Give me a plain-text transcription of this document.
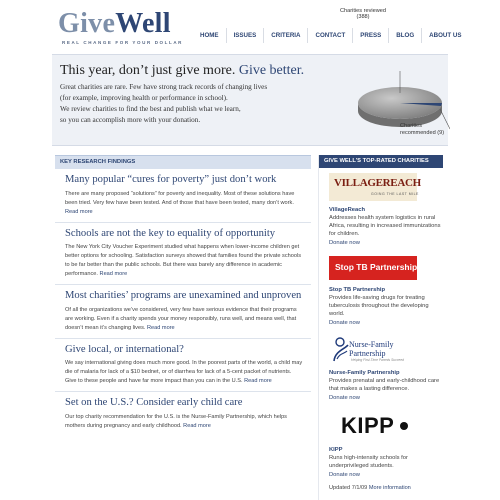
GiveWell
REAL CHANGE FOR YOUR DOLLAR
HOME	ISSUES	CRITERIA	CONTACT	PRESS	BLOG	ABOUT US
This year, don’t just give more. Give better.
Great charities are rare. Few have strong track records of changing lives
(for example, improving health or performance in school).
We review charities to find the best and publish what we learn,
so you can accomplish more with your donation.
Charities reviewed
(388)
Charities
recommended (9)
KEY RESEARCH FINDINGS
Many popular “cures for poverty” just don’t work
There are many proposed “solutions” for poverty and inequality. Most of these solutions have been tried. Very few have been tested. And of those that have been tested, many don’t work. Read more
Schools are not the key to equality of opportunity
The New York City Voucher Experiment studied what happens when lower-income children get better options for schooling. Satisfaction surveys showed that families found the private schools to be far better than the public schools. But there was barely any difference in academic performance. Read more
Most charities’ programs are unexamined and unproven
Of all the organizations we’ve considered, very few have serious evidence that their programs are working. Even if a charity spends your money responsibly, runs well, and means well, that doesn’t mean it’s changing lives. Read more
Give local, or international?
We say international giving does much more good. In the poorest parts of the world, a child may die of malaria for lack of a $10 bednet, or of diarrhea for lack of a 5-cent packet of nutrients. Give to these people and have far more impact than you can in the U.S. Read more
Set on the U.S.? Consider early child care
Our top charity recommendation for the U.S. is the Nurse-Family Partnership, which helps mothers during pregnancy and early childhood. Read more
GIVE WELL’S TOP-RATED CHARITIES
VILLAGEREACH
GOING THE LAST MILE
VillageReach
Addresses health system logistics in rural Africa, resulting in increased immunizations for children.
Donate now
Stop TB Partnership
Stop TB Partnership
Provides life-saving drugs for treating tuberculosis throughout the developing world.
Donate now
Nurse-Family Partnership
Helping First-Time Parents Succeed
Nurse-Family Partnership
Provides prenatal and early-childhood care that makes a lasting difference.
Donate now
KIPP
KIPP
Runs high-intensity schools for underprivileged students.
Donate now
Updated 7/1/09 More information
